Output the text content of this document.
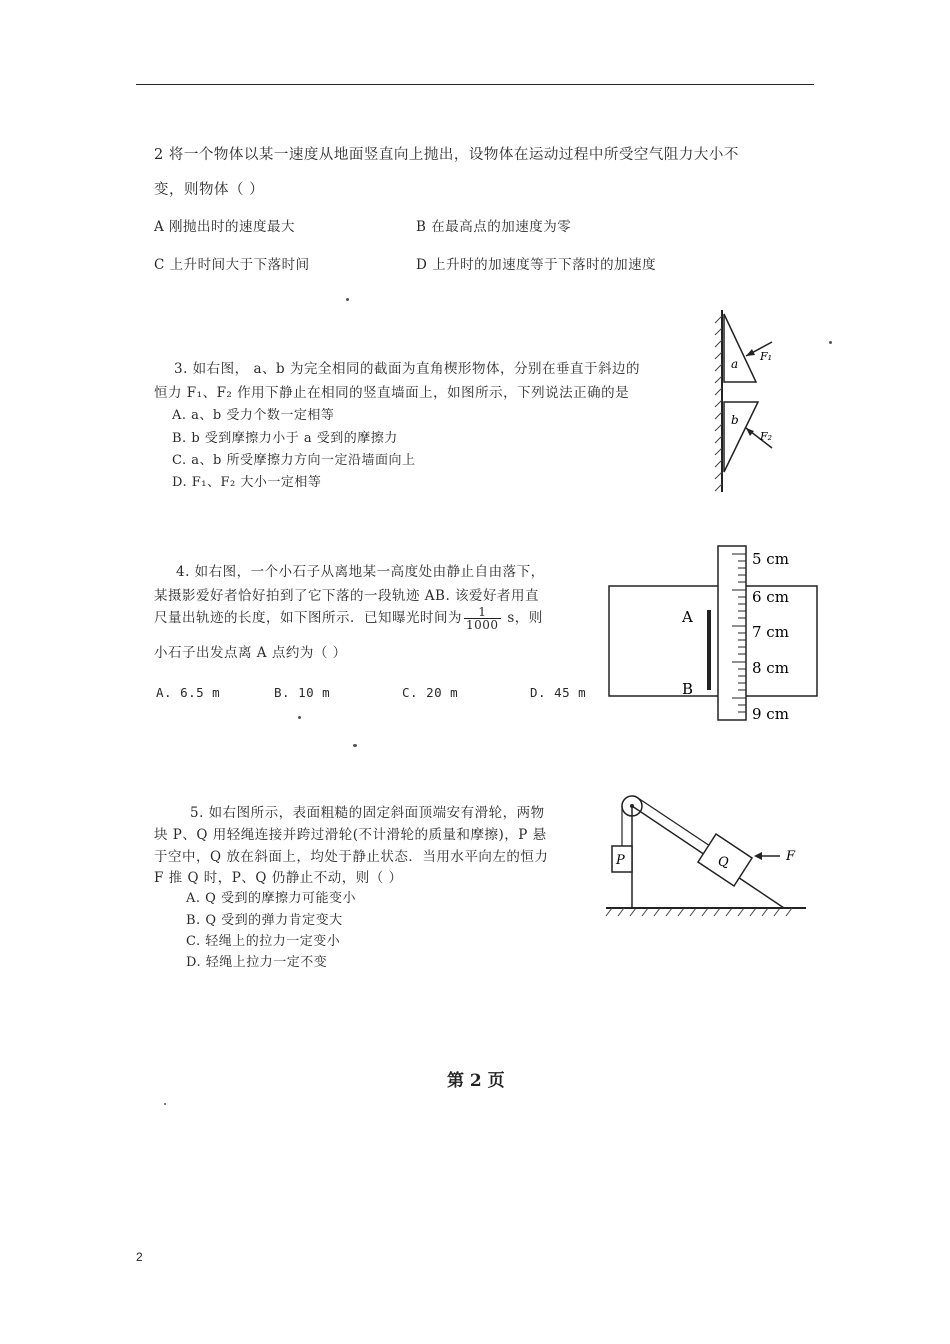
2 将一个物体以某一速度从地面竖直向上抛出，设物体在运动过程中所受空气阻力大小不
变，则物体（ ）
A 刚抛出时的速度最大	B 在最高点的加速度为零
C 上升时间大于下落时间	D 上升时的加速度等于下落时的加速度
3. 如右图， a、b 为完全相同的截面为直角楔形物体，分别在垂直于斜边的
恒力 F₁、F₂ 作用下静止在相同的竖直墙面上，如图所示，下列说法正确的是
A. a、b 受力个数一定相等
B. b 受到摩擦力小于 a 受到的摩擦力
C. a、b 所受摩擦力方向一定沿墙面向上
D. F₁、F₂ 大小一定相等
a
F₁
b
F₂
4. 如右图，一个小石子从离地某一高度处由静止自由落下，
某摄影爱好者恰好拍到了它下落的一段轨迹 AB. 该爱好者用直
尺量出轨迹的长度，如下图所示．已知曝光时间为 $\frac{1}{1000}$ s，则
小石子出发点离 A 点约为（ ）
A. 6.5 m	B. 10 m	C. 20 m	D. 45 m
A
B
5 cm
6 cm
7 cm
8 cm
9 cm
5. 如右图所示，表面粗糙的固定斜面顶端安有滑轮，两物
块 P、Q 用轻绳连接并跨过滑轮(不计滑轮的质量和摩擦)，P 悬
于空中，Q 放在斜面上，均处于静止状态．当用水平向左的恒力
F 推 Q 时，P、Q 仍静止不动，则（ ）
A. Q 受到的摩擦力可能变小
B. Q 受到的弹力肯定变大
C. 轻绳上的拉力一定变小
D. 轻绳上拉力一定不变
P	Q	F
第 2 页
2
